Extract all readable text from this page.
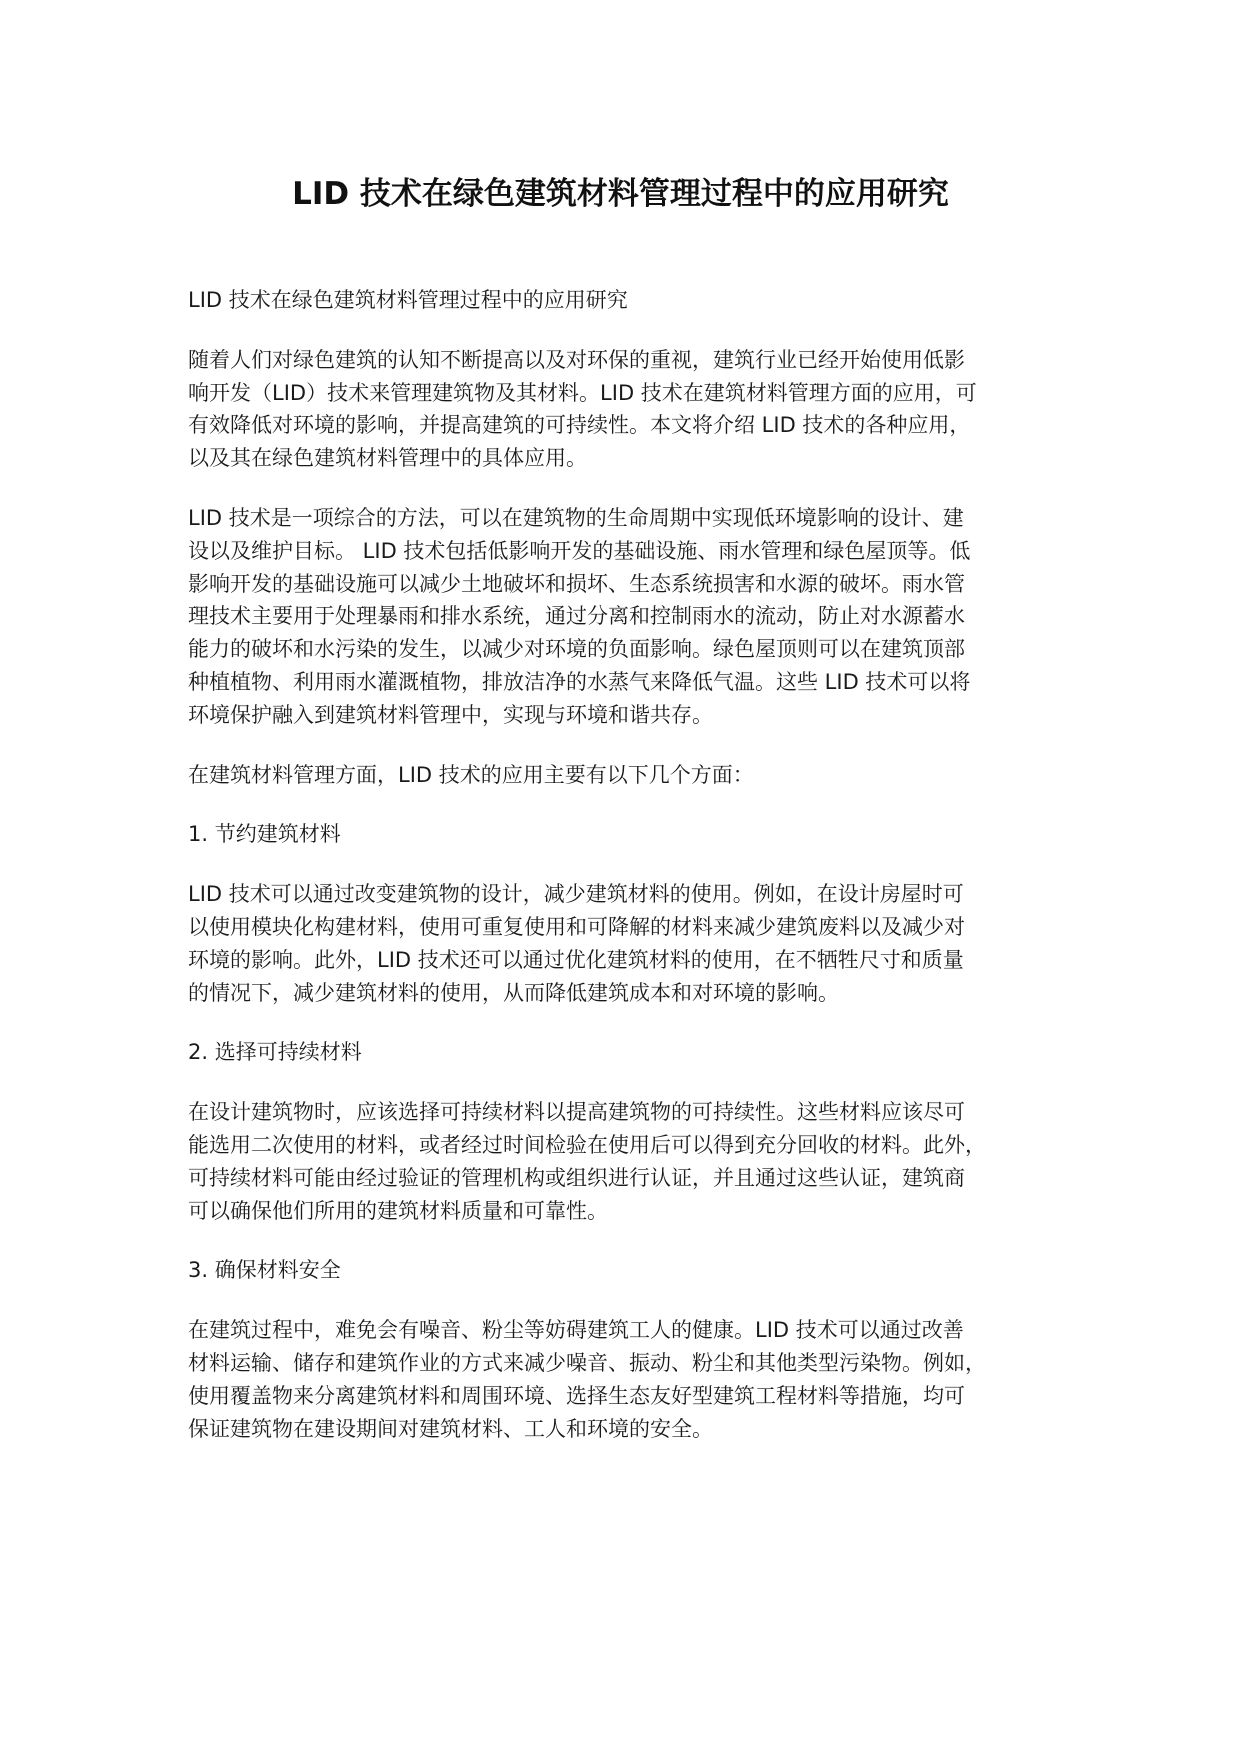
LID 技术在绿色建筑材料管理过程中的应用研究

LID 技术在绿色建筑材料管理过程中的应用研究

随着人们对绿色建筑的认知不断提高以及对环保的重视，建筑行业已经开始使用低影
响开发（LID）技术来管理建筑物及其材料。LID 技术在建筑材料管理方面的应用，可
有效降低对环境的影响，并提高建筑的可持续性。本文将介绍 LID 技术的各种应用，
以及其在绿色建筑材料管理中的具体应用。

LID 技术是一项综合的方法，可以在建筑物的生命周期中实现低环境影响的设计、建
设以及维护目标。 LID 技术包括低影响开发的基础设施、雨水管理和绿色屋顶等。低
影响开发的基础设施可以减少土地破坏和损坏、生态系统损害和水源的破坏。雨水管
理技术主要用于处理暴雨和排水系统，通过分离和控制雨水的流动，防止对水源蓄水
能力的破坏和水污染的发生，以减少对环境的负面影响。绿色屋顶则可以在建筑顶部
种植植物、利用雨水灌溉植物，排放洁净的水蒸气来降低气温。这些 LID 技术可以将
环境保护融入到建筑材料管理中，实现与环境和谐共存。

在建筑材料管理方面，LID 技术的应用主要有以下几个方面：

1. 节约建筑材料

LID 技术可以通过改变建筑物的设计，减少建筑材料的使用。例如，在设计房屋时可
以使用模块化构建材料，使用可重复使用和可降解的材料来减少建筑废料以及减少对
环境的影响。此外，LID 技术还可以通过优化建筑材料的使用，在不牺牲尺寸和质量
的情况下，减少建筑材料的使用，从而降低建筑成本和对环境的影响。

2. 选择可持续材料

在设计建筑物时，应该选择可持续材料以提高建筑物的可持续性。这些材料应该尽可
能选用二次使用的材料，或者经过时间检验在使用后可以得到充分回收的材料。此外，
可持续材料可能由经过验证的管理机构或组织进行认证，并且通过这些认证，建筑商
可以确保他们所用的建筑材料质量和可靠性。

3. 确保材料安全

在建筑过程中，难免会有噪音、粉尘等妨碍建筑工人的健康。LID 技术可以通过改善
材料运输、储存和建筑作业的方式来减少噪音、振动、粉尘和其他类型污染物。例如，
使用覆盖物来分离建筑材料和周围环境、选择生态友好型建筑工程材料等措施，均可
保证建筑物在建设期间对建筑材料、工人和环境的安全。
